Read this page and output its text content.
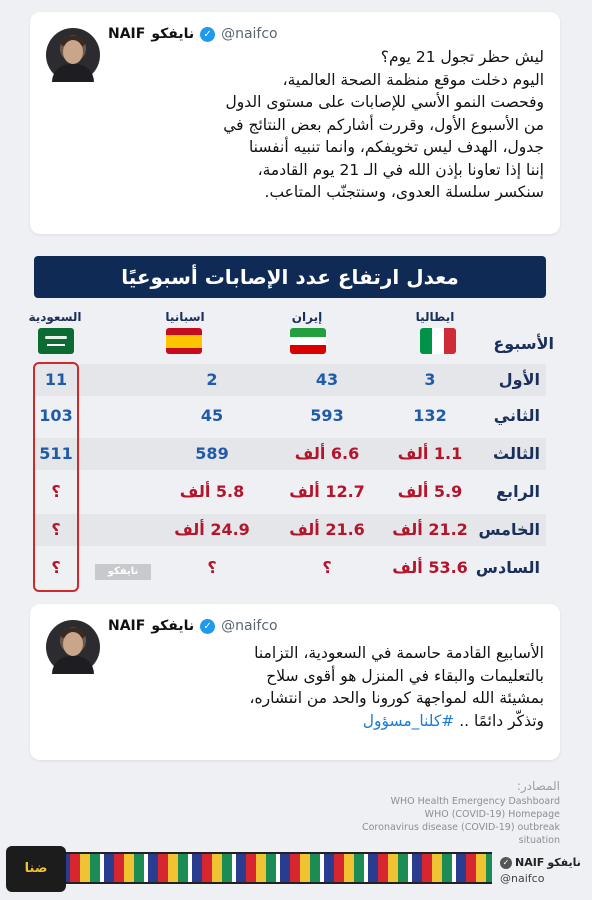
NAIF نايفكو ✓ @naifco
ليش حظر تجول 21 يوم؟
اليوم دخلت موقع منظمة الصحة العالمية،
وفحصت النمو الأسي للإصابات على مستوى الدول
من الأسبوع الأول، وقررت أشاركم بعض النتائج في
جدول، الهدف ليس تخويفكم، وانما تنبيه أنفسنا
إننا إذا تعاونا بإذن الله في الـ 21 يوم القادمة،
سنكسر سلسلة العدوى، وسنتجنّب المتاعب.
معدل ارتفاع عدد الإصابات أسبوعيًا
ايطاليا
إيران
اسبانيا
السعودية
الأسبوع
الأول
3
43
2
11
الثاني
132
593
45
103
الثالث
1.1 ألف
6.6 ألف
589
511
الرابع
5.9 ألف
12.7 ألف
5.8 ألف
؟
الخامس
21.2 ألف
21.6 ألف
24.9 ألف
؟
السادس
53.6 ألف
؟
؟
؟	نايفكو
NAIF نايفكو ✓ @naifco
الأسابيع القادمة حاسمة في السعودية، التزامنا
بالتعليمات والبقاء في المنزل هو أقوى سلاح
بمشيئة الله لمواجهة كورونا والحد من انتشاره،
وتذكّر دائمًا .. #كلنا_مسؤول
المصادر:
WHO Health Emergency Dashboard
WHO (COVID-19) Homepage
Coronavirus disease (COVID-19) outbreak situation
ضنا	✓ NAIF نايفكو
@naifco
